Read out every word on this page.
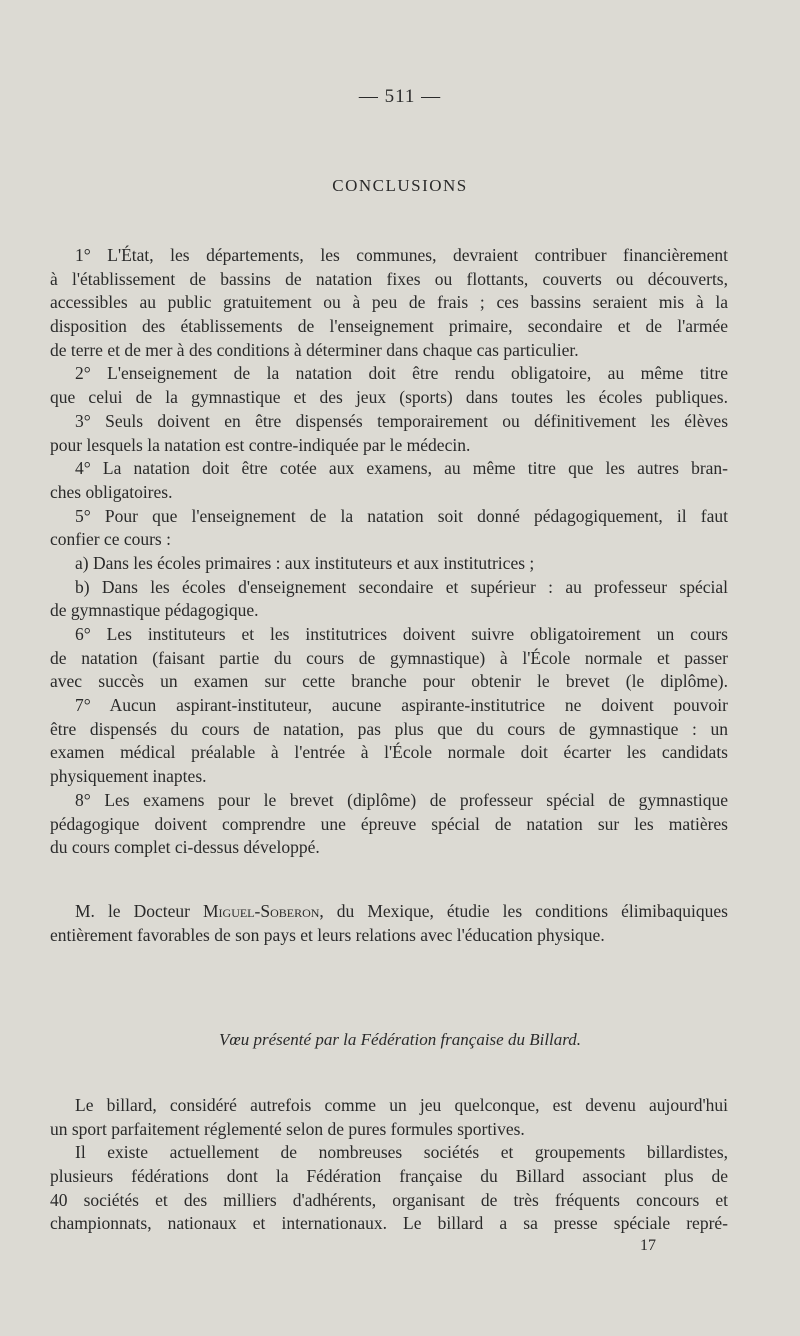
— 511 —
CONCLUSIONS
1° L'État, les départements, les communes, devraient contribuer financièrement
à l'établissement de bassins de natation fixes ou flottants, couverts ou découverts,
accessibles au public gratuitement ou à peu de frais ; ces bassins seraient mis à la
disposition des établissements de l'enseignement primaire, secondaire et de l'armée
de terre et de mer à des conditions à déterminer dans chaque cas particulier.
2° L'enseignement de la natation doit être rendu obligatoire, au même titre
que celui de la gymnastique et des jeux (sports) dans toutes les écoles publiques.
3° Seuls doivent en être dispensés temporairement ou définitivement les élèves
pour lesquels la natation est contre-indiquée par le médecin.
4° La natation doit être cotée aux examens, au même titre que les autres bran-
ches obligatoires.
5° Pour que l'enseignement de la natation soit donné pédagogiquement, il faut
confier ce cours :
a) Dans les écoles primaires : aux instituteurs et aux institutrices ;
b) Dans les écoles d'enseignement secondaire et supérieur : au professeur spécial
de gymnastique pédagogique.
6° Les instituteurs et les institutrices doivent suivre obligatoirement un cours
de natation (faisant partie du cours de gymnastique) à l'École normale et passer
avec succès un examen sur cette branche pour obtenir le brevet (le diplôme).
7° Aucun aspirant-instituteur, aucune aspirante-institutrice ne doivent pouvoir
être dispensés du cours de natation, pas plus que du cours de gymnastique : un
examen médical préalable à l'entrée à l'École normale doit écarter les candidats
physiquement inaptes.
8° Les examens pour le brevet (diplôme) de professeur spécial de gymnastique
pédagogique doivent comprendre une épreuve spécial de natation sur les matières
du cours complet ci-dessus développé.
M. le Docteur Miguel-Soberon, du Mexique, étudie les conditions élimibaquiques
entièrement favorables de son pays et leurs relations avec l'éducation physique.
Vœu présenté par la Fédération française du Billard.
Le billard, considéré autrefois comme un jeu quelconque, est devenu aujourd'hui
un sport parfaitement réglementé selon de pures formules sportives.
Il existe actuellement de nombreuses sociétés et groupements billardistes,
plusieurs fédérations dont la Fédération française du Billard associant plus de
40 sociétés et des milliers d'adhérents, organisant de très fréquents concours et
championnats, nationaux et internationaux. Le billard a sa presse spéciale repré-
17
